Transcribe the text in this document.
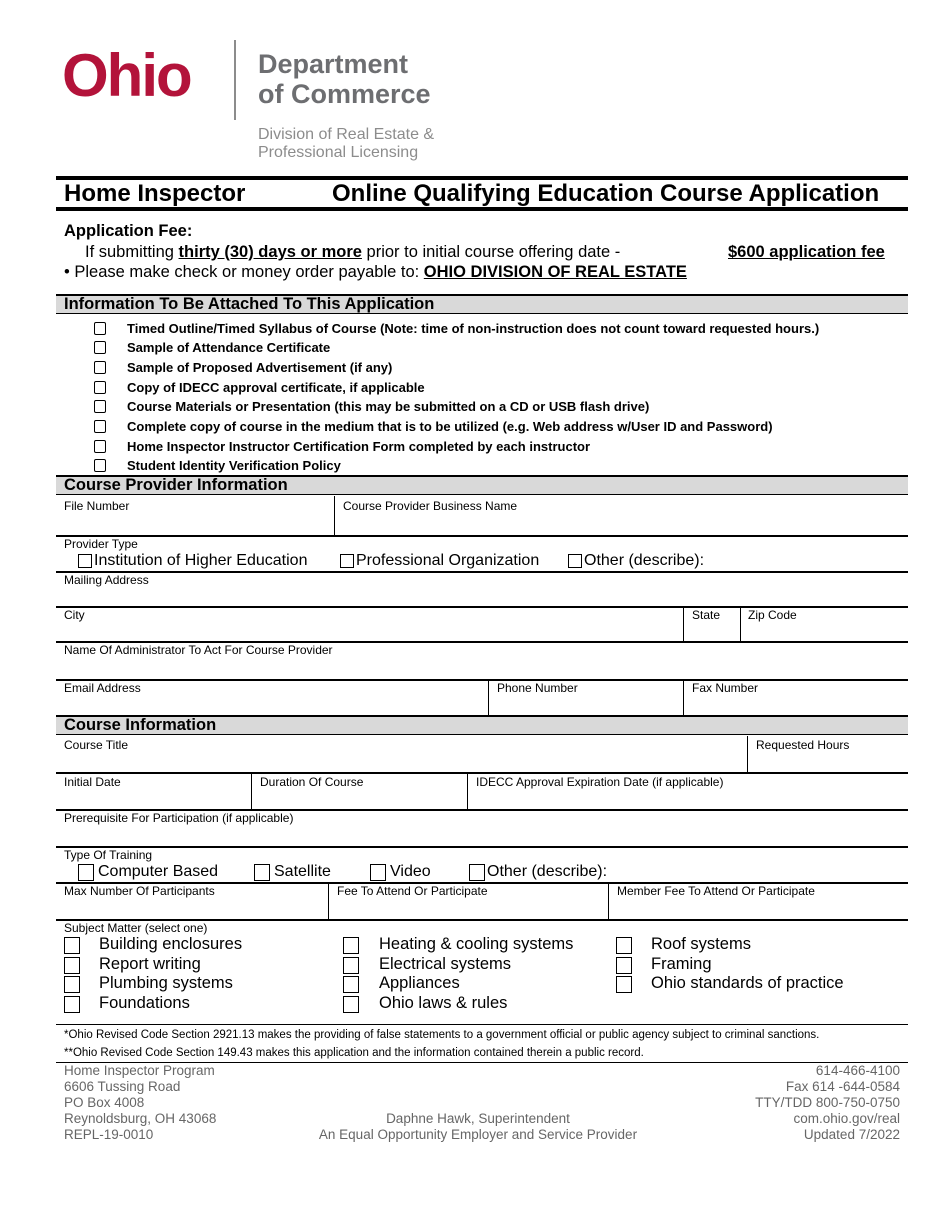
Ohio Department
of Commerce
Division of Real Estate &
Professional Licensing
Home Inspector	Online Qualifying Education Course Application
Application Fee:
If submitting thirty (30) days or more prior to initial course offering date -	$600 application fee
• Please make check or money order payable to: OHIO DIVISION OF REAL ESTATE
Information To Be Attached To This Application
Timed Outline/Timed Syllabus of Course (Note: time of non-instruction does not count toward requested hours.)
Sample of Attendance Certificate
Sample of Proposed Advertisement (if any)
Copy of IDECC approval certificate, if applicable
Course Materials or Presentation (this may be submitted on a CD or USB flash drive)
Complete copy of course in the medium that is to be utilized (e.g. Web address w/User ID and Password)
Home Inspector Instructor Certification Form completed by each instructor
Student Identity Verification Policy
Course Provider Information
File Number	Course Provider Business Name
Provider Type
Institution of Higher Education	Professional Organization	Other (describe):
Mailing Address
City	State Zip Code
Name Of Administrator To Act For Course Provider
Email Address	Phone Number	Fax Number
Course Information
Course Title	Requested Hours
Initial Date	Duration Of Course	IDECC Approval Expiration Date (if applicable)
Prerequisite For Participation (if applicable)
Type Of Training
Computer Based	Satellite	Video	Other (describe):
Max Number Of Participants	Fee To Attend Or Participate	Member Fee To Attend Or Participate
Subject Matter (select one)
Building enclosures
Report writing
Plumbing systems
Foundations
Heating & cooling systems
Electrical systems
Appliances
Ohio laws & rules
Roof systems
Framing
Ohio standards of practice
*Ohio Revised Code Section 2921.13 makes the providing of false statements to a government official or public agency subject to criminal sanctions.
**Ohio Revised Code Section 149.43 makes this application and the information contained therein a public record.
Home Inspector Program
6606 Tussing Road
PO Box 4008
Reynoldsburg, OH 43068
REPL-19-0010
Daphne Hawk, Superintendent
An Equal Opportunity Employer and Service Provider
614-466-4100
Fax 614 -644-0584
TTY/TDD 800-750-0750
com.ohio.gov/real
Updated 7/2022
